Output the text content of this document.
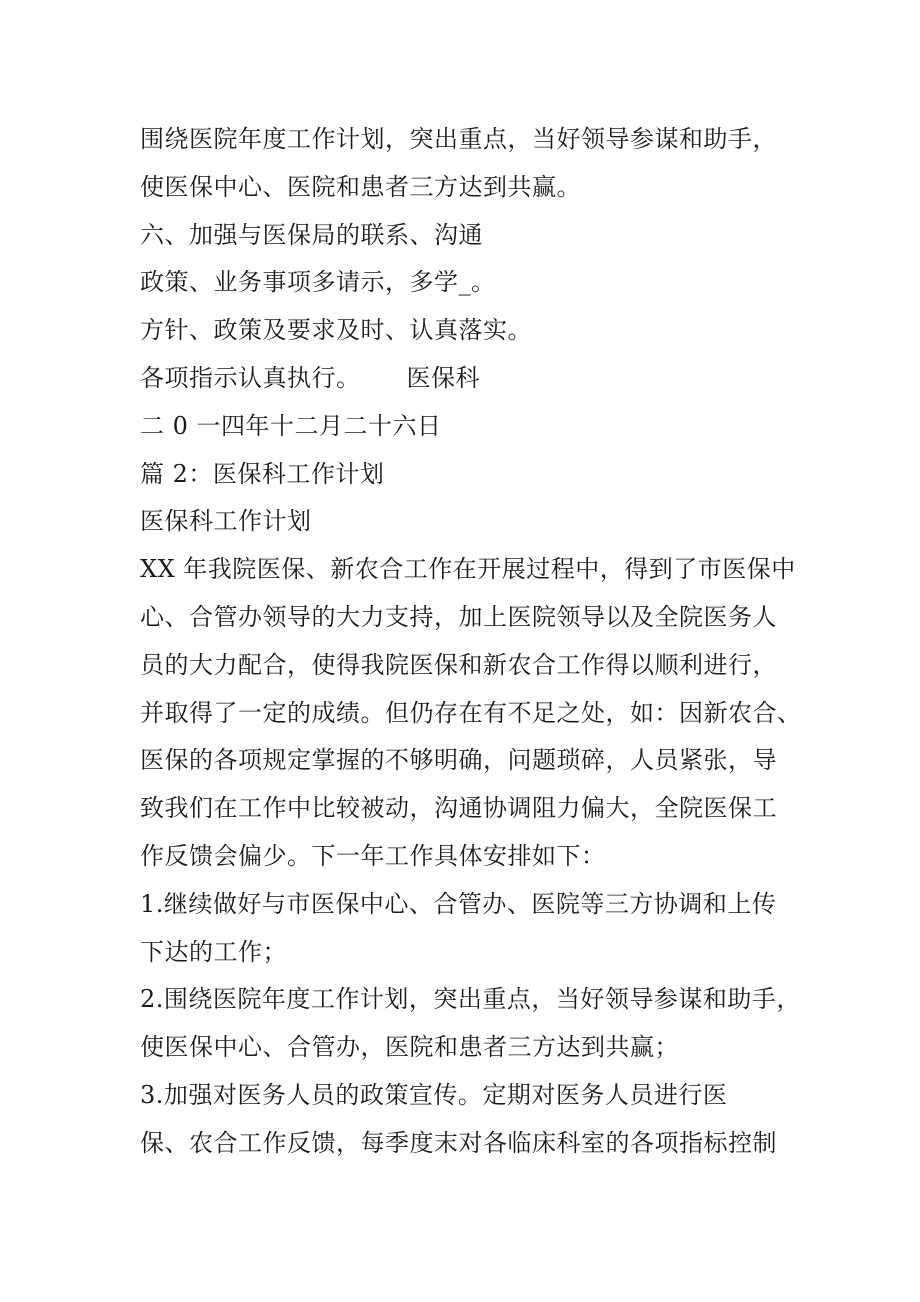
围绕医院年度工作计划，突出重点，当好领导参谋和助手，
使医保中心、医院和患者三方达到共赢。
六、加强与医保局的联系、沟通
政策、业务事项多请示，多学_。
方针、政策及要求及时、认真落实。
各项指示认真执行。 医保科
二 0 一四年十二月二十六日
篇 2：医保科工作计划
医保科工作计划
XX 年我院医保、新农合工作在开展过程中，得到了市医保中
心、合管办领导的大力支持，加上医院领导以及全院医务人
员的大力配合，使得我院医保和新农合工作得以顺利进行，
并取得了一定的成绩。但仍存在有不足之处，如：因新农合、
医保的各项规定掌握的不够明确，问题琐碎，人员紧张，导
致我们在工作中比较被动，沟通协调阻力偏大，全院医保工
作反馈会偏少。下一年工作具体安排如下：
1.继续做好与市医保中心、合管办、医院等三方协调和上传
下达的工作；
2.围绕医院年度工作计划，突出重点，当好领导参谋和助手，
使医保中心、合管办，医院和患者三方达到共赢；
3.加强对医务人员的政策宣传。定期对医务人员进行医
保、农合工作反馈，每季度末对各临床科室的各项指标控制
